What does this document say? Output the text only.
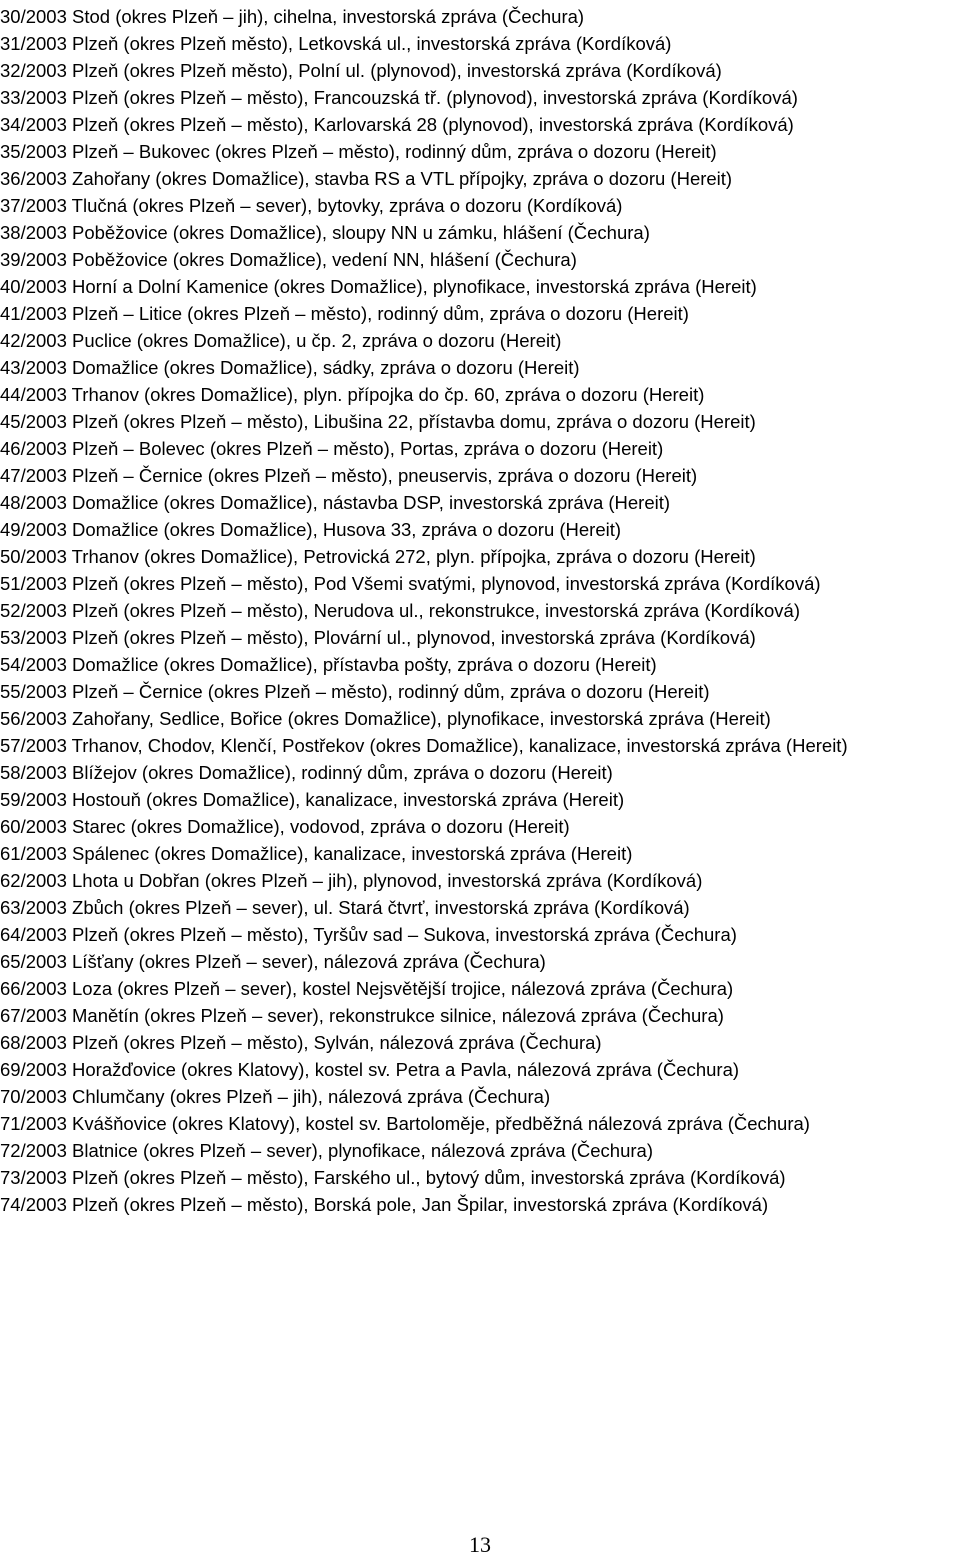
30/2003 Stod (okres Plzeň – jih), cihelna, investorská zpráva (Čechura)
31/2003 Plzeň (okres Plzeň město), Letkovská ul., investorská zpráva (Kordíková)
32/2003 Plzeň (okres Plzeň město), Polní ul. (plynovod), investorská zpráva (Kordíková)
33/2003 Plzeň (okres Plzeň – město), Francouzská tř. (plynovod), investorská zpráva (Kordíková)
34/2003 Plzeň (okres Plzeň – město), Karlovarská 28 (plynovod), investorská zpráva (Kordíková)
35/2003 Plzeň – Bukovec (okres Plzeň – město), rodinný dům, zpráva o dozoru (Hereit)
36/2003 Zahořany (okres Domažlice), stavba RS a VTL přípojky, zpráva o dozoru (Hereit)
37/2003 Tlučná (okres Plzeň – sever), bytovky, zpráva o dozoru (Kordíková)
38/2003 Poběžovice (okres Domažlice), sloupy NN u zámku, hlášení (Čechura)
39/2003 Poběžovice (okres Domažlice), vedení NN, hlášení (Čechura)
40/2003 Horní a Dolní Kamenice (okres Domažlice), plynofikace, investorská zpráva (Hereit)
41/2003 Plzeň – Litice (okres Plzeň – město), rodinný dům, zpráva o dozoru (Hereit)
42/2003 Puclice (okres Domažlice), u čp. 2, zpráva o dozoru (Hereit)
43/2003 Domažlice (okres Domažlice), sádky, zpráva o dozoru (Hereit)
44/2003 Trhanov (okres Domažlice), plyn. přípojka do čp. 60, zpráva o dozoru (Hereit)
45/2003 Plzeň (okres Plzeň – město), Libušina 22, přístavba domu, zpráva o dozoru (Hereit)
46/2003 Plzeň – Bolevec (okres Plzeň – město), Portas, zpráva o dozoru (Hereit)
47/2003 Plzeň – Černice (okres Plzeň – město), pneuservis, zpráva o dozoru (Hereit)
48/2003 Domažlice (okres Domažlice), nástavba DSP, investorská zpráva (Hereit)
49/2003 Domažlice (okres Domažlice), Husova 33, zpráva o dozoru (Hereit)
50/2003 Trhanov (okres Domažlice), Petrovická 272, plyn. přípojka, zpráva o dozoru (Hereit)
51/2003 Plzeň (okres Plzeň – město), Pod Všemi svatými, plynovod, investorská zpráva (Kordíková)
52/2003 Plzeň (okres Plzeň – město), Nerudova ul., rekonstrukce, investorská zpráva (Kordíková)
53/2003 Plzeň (okres Plzeň – město), Plovární ul., plynovod, investorská zpráva (Kordíková)
54/2003 Domažlice (okres Domažlice), přístavba pošty, zpráva o dozoru (Hereit)
55/2003 Plzeň – Černice (okres Plzeň – město), rodinný dům, zpráva o dozoru (Hereit)
56/2003 Zahořany, Sedlice, Bořice (okres Domažlice), plynofikace, investorská zpráva (Hereit)
57/2003 Trhanov, Chodov, Klenčí, Postřekov (okres Domažlice), kanalizace, investorská zpráva (Hereit)
58/2003 Blížejov (okres Domažlice), rodinný dům, zpráva o dozoru (Hereit)
59/2003 Hostouň (okres Domažlice), kanalizace, investorská zpráva (Hereit)
60/2003 Starec (okres Domažlice), vodovod, zpráva o dozoru (Hereit)
61/2003 Spálenec (okres Domažlice), kanalizace, investorská zpráva (Hereit)
62/2003 Lhota u Dobřan (okres Plzeň – jih), plynovod, investorská zpráva (Kordíková)
63/2003 Zbůch (okres Plzeň – sever), ul. Stará čtvrť, investorská zpráva (Kordíková)
64/2003 Plzeň (okres Plzeň – město), Tyršův sad – Sukova, investorská zpráva (Čechura)
65/2003 Líšťany (okres Plzeň – sever), nálezová zpráva (Čechura)
66/2003 Loza (okres Plzeň – sever), kostel Nejsvětější trojice, nálezová zpráva (Čechura)
67/2003 Manětín (okres Plzeň – sever), rekonstrukce silnice, nálezová zpráva (Čechura)
68/2003 Plzeň (okres Plzeň – město), Sylván, nálezová zpráva (Čechura)
69/2003 Horažďovice (okres Klatovy), kostel sv. Petra a Pavla, nálezová zpráva (Čechura)
70/2003 Chlumčany (okres Plzeň – jih), nálezová zpráva (Čechura)
71/2003 Kvášňovice (okres Klatovy), kostel sv. Bartoloměje, předběžná nálezová zpráva (Čechura)
72/2003 Blatnice (okres Plzeň – sever), plynofikace, nálezová zpráva (Čechura)
73/2003 Plzeň (okres Plzeň – město), Farského ul., bytový dům, investorská zpráva (Kordíková)
74/2003 Plzeň (okres Plzeň – město), Borská pole, Jan Špilar, investorská zpráva (Kordíková)
13
